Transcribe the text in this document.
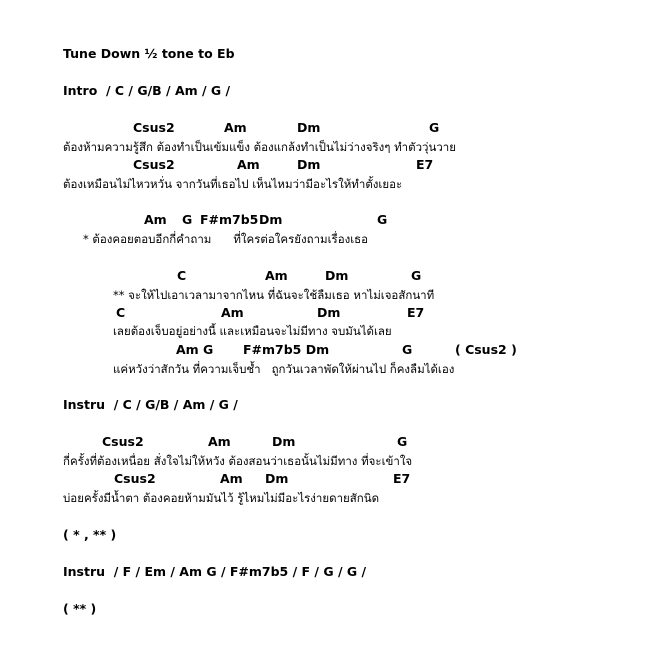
Tune Down ½ tone to Eb
Intro  / C / G/B / Am / G /
Csus2	Am	Dm	G
ต้องห้ามความรู้สึก ต้องทำเป็นเข้มแข็ง ต้องแกล้งทำเป็นไม่ว่างจริงๆ ทำตัววุ่นวาย
Csus2	Am	Dm	E7
ต้องเหมือนไม่ไหวหวั่น จากวันที่เธอไป เห็นไหมว่ามีอะไรให้ทำตั้งเยอะ
Am G F#m7b5 Dm	G
* ต้องคอยตอบอีกกี่คำถาม      ที่ใครต่อใครยังถามเรื่องเธอ
C	Am	Dm	G
** จะให้ไปเอาเวลามาจากไหน ที่ฉันจะใช้ลืมเธอ หาไม่เจอสักนาที
C	Am	Dm	E7
เลยต้องเจ็บอยู่อย่างนี้ และเหมือนจะไม่มีทาง จบมันได้เลย
Am G F#m7b5 Dm	G	( Csus2 )
แค่หวังว่าสักวัน ที่ความเจ็บช้ำ   ถูกวันเวลาพัดให้ผ่านไป ก็คงลืมได้เอง
Instru  / C / G/B / Am / G /
Csus2	Am	Dm	G
กี่ครั้งที่ต้องเหนื่อย สั่งใจไม่ให้หวัง ต้องสอนว่าเธอนั้นไม่มีทาง ที่จะเข้าใจ
Csus2	Am Dm	E7
บ่อยครั้งมีน้ำตา ต้องคอยห้ามมันไว้ รู้ไหมไม่มีอะไรง่ายดายสักนิด
( * , ** )
Instru  / F / Em / Am G / F#m7b5 / F / G / G /
( ** )
